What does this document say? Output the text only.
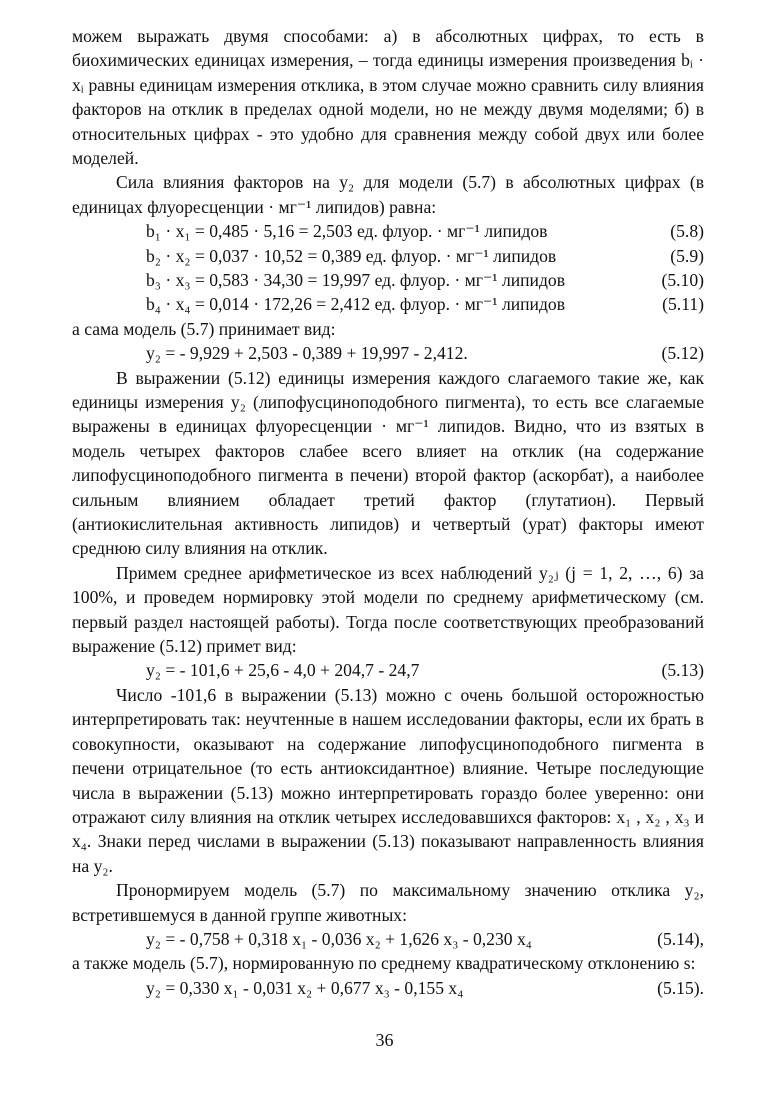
можем выражать двумя способами: а) в абсолютных цифрах, то есть в биохимических единицах измерения, – тогда единицы измерения произведения bᵢ · xᵢ равны единицам измерения отклика, в этом случае можно сравнить силу влияния факторов на отклик в пределах одной модели, но не между двумя моделями; б) в относительных цифрах - это удобно для сравнения между собой двух или более моделей.

Сила влияния факторов на y₂ для модели (5.7) в абсолютных цифрах (в единицах флуоресценции · мг⁻¹ липидов) равна:

b₁ · x₁ = 0,485 · 5,16 = 2,503 ед. флуор. · мг⁻¹ липидов	(5.8)
b₂ · x₂ = 0,037 · 10,52 = 0,389 ед. флуор. · мг⁻¹ липидов	(5.9)
b₃ · x₃ = 0,583 · 34,30 = 19,997 ед. флуор. · мг⁻¹ липидов	(5.10)
b₄ · x₄ = 0,014 · 172,26 = 2,412 ед. флуор. · мг⁻¹ липидов	(5.11)

а сама модель (5.7) принимает вид:

y₂ = - 9,929 + 2,503 - 0,389 + 19,997 - 2,412.	(5.12)

В выражении (5.12) единицы измерения каждого слагаемого такие же, как единицы измерения y₂ (липофусциноподобного пигмента), то есть все слагаемые выражены в единицах флуоресценции · мг⁻¹ липидов. Видно, что из взятых в модель четырех факторов слабее всего влияет на отклик (на содержание липофусциноподобного пигмента в печени) второй фактор (аскорбат), а наиболее сильным влиянием обладает третий фактор (глутатион). Первый (антиокислительная активность липидов) и четвертый (урат) факторы имеют среднюю силу влияния на отклик.

Примем среднее арифметическое из всех наблюдений y₂ⱼ (j = 1, 2, …, 6) за 100%, и проведем нормировку этой модели по среднему арифметическому (см. первый раздел настоящей работы). Тогда после соответствующих преобразований выражение (5.12) примет вид:

y₂ = - 101,6 + 25,6 - 4,0 + 204,7 - 24,7	(5.13)

Число -101,6 в выражении (5.13) можно с очень большой осторожностью интерпретировать так: неучтенные в нашем исследовании факторы, если их брать в совокупности, оказывают на содержание липофусциноподобного пигмента в печени отрицательное (то есть антиоксидантное) влияние. Четыре последующие числа в выражении (5.13) можно интерпретировать гораздо более уверенно: они отражают силу влияния на отклик четырех исследовавшихся факторов: x₁ , x₂ , x₃ и x₄. Знаки перед числами в выражении (5.13) показывают направленность влияния на y₂.

Пронормируем модель (5.7) по максимальному значению отклика y₂, встретившемуся в данной группе животных:

y₂ = - 0,758 + 0,318 x₁ - 0,036 x₂ + 1,626 x₃ - 0,230 x₄	(5.14),

а также модель (5.7), нормированную по среднему квадратическому отклонению s:

y₂ = 0,330 x₁ - 0,031 x₂ + 0,677 x₃ - 0,155 x₄	(5.15).
36
